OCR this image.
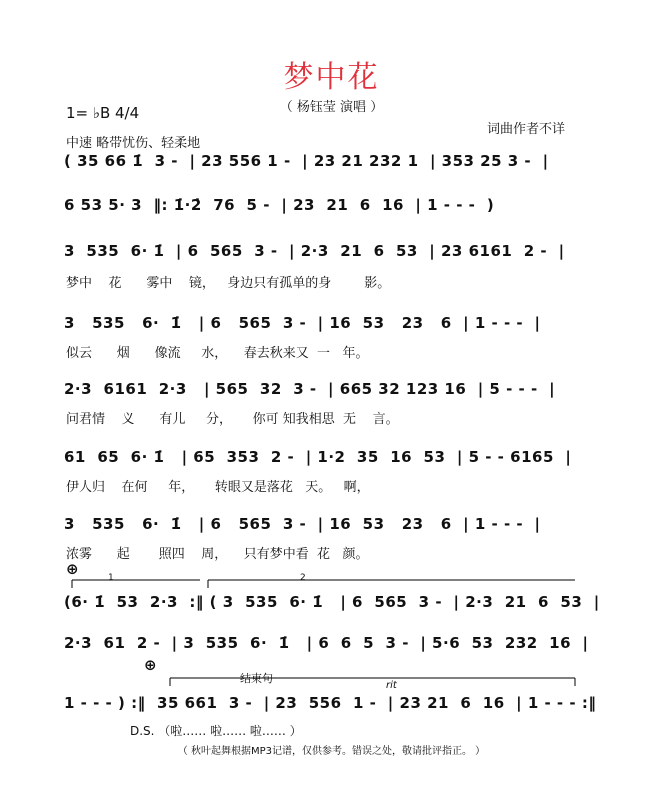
梦中花
（ 杨钰莹 演唱 ）
1= ♭B 4/4
中速 略带忧伤、轻柔地
词曲作者不详
( 35 66 1̇  3 -  | 23 556 1 -  | 23 21 232 1  | 353 25 3 -  |
6 53 5· 3  ‖: 1̇·2̇  76  5 -  | 23  21  6  16  | 1 - - -  )
3  535  6· 1̇  | 6  565  3 -  | 2·3  21  6  53  | 23 6161  2 -  |
梦中    花      雾中    镜，   身边只有孤单的身        影。
3   535   6·  1̇   | 6   565  3 -  | 16  53   23   6  | 1 - - -  |
似云      烟      像流     水，    春去秋来又  一   年。
2·3  6161  2·3   | 565  32  3 -  | 665 32 123 16  | 5 - - -  |
问君情    义      有儿     分，     你可 知我相思  无    言。
61  65  6· 1̇   | 65  353  2 -  | 1·2  35  16  53  | 5 - - 6165  |
伊人归    在何     年，     转眼又是落花   天。   啊，
3   535   6·  1̇   | 6   565  3 -  | 16  53   23   6  | 1 - - -  |
浓雾      起       照四    周，    只有梦中看  花   颜。
⊕	1	2
(6· 1̇  53  2·3  :‖ ( 3  535  6· 1̇   | 6  565  3 -  | 2·3  21  6  53  |
2·3  61  2 -  | 3  535  6·  1̇   | 6  6  5  3 -  | 5·6  53  232  16  |
⊕
结束句
rit
1 - - - ) :‖  35 661  3 -  | 23  556  1 -  | 23 21  6  16  | 1 - - - :‖
D.S. （啦…… 啦…… 啦…… ）
（ 秋叶起舞根据MP3记谱，仅供参考。错误之处，敬请批评指正。 ）
